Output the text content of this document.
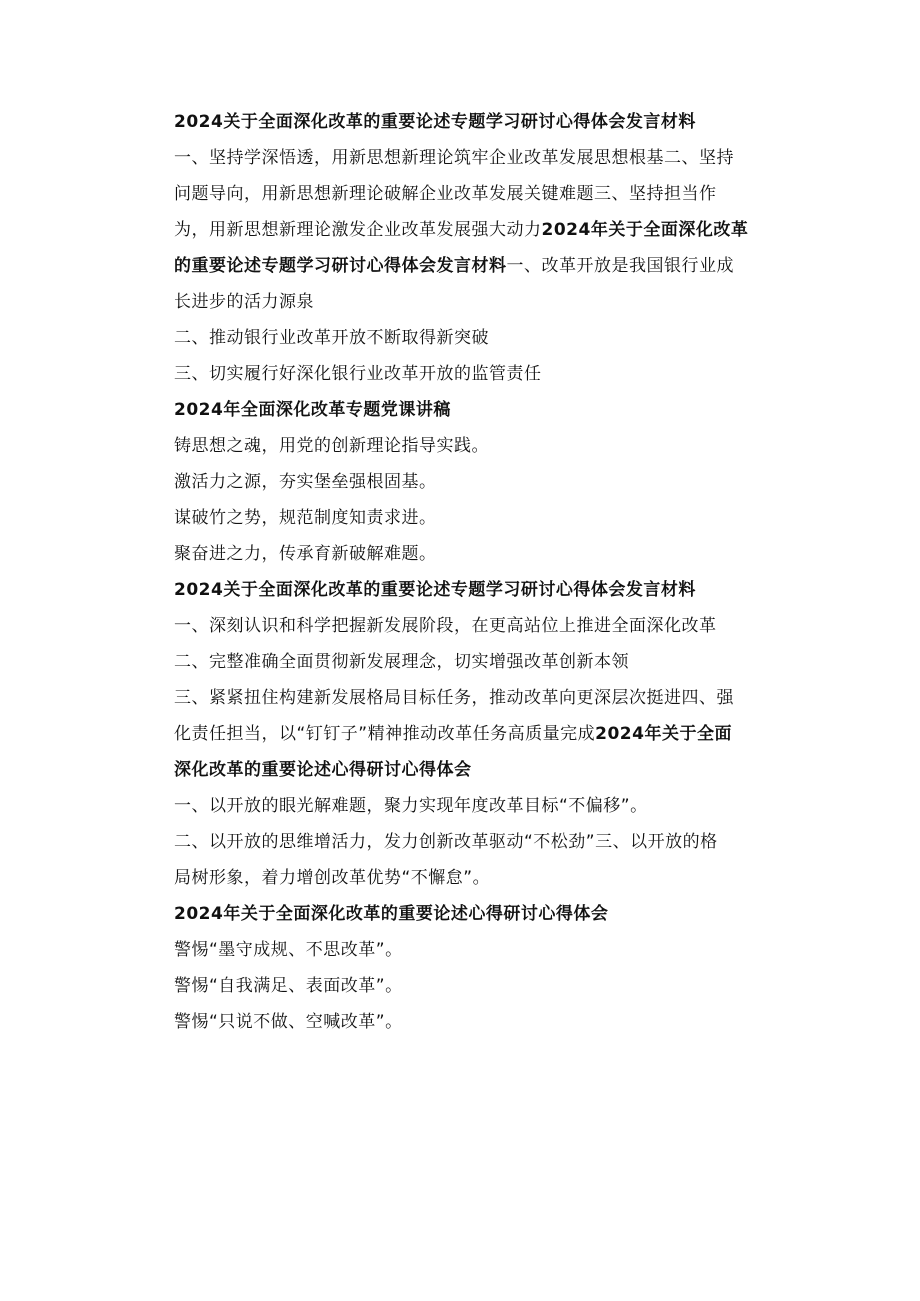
2024关于全面深化改革的重要论述专题学习研讨心得体会发言材料
一、坚持学深悟透，用新思想新理论筑牢企业改革发展思想根基二、坚持
问题导向，用新思想新理论破解企业改革发展关键难题三、坚持担当作
为，用新思想新理论激发企业改革发展强大动力2024年关于全面深化改革
的重要论述专题学习研讨心得体会发言材料一、改革开放是我国银行业成
长进步的活力源泉
二、推动银行业改革开放不断取得新突破
三、切实履行好深化银行业改革开放的监管责任
2024年全面深化改革专题党课讲稿
铸思想之魂，用党的创新理论指导实践。
激活力之源，夯实堡垒强根固基。
谋破竹之势，规范制度知责求进。
聚奋进之力，传承育新破解难题。
2024关于全面深化改革的重要论述专题学习研讨心得体会发言材料
一、深刻认识和科学把握新发展阶段，在更高站位上推进全面深化改革
二、完整准确全面贯彻新发展理念，切实增强改革创新本领
三、紧紧扭住构建新发展格局目标任务，推动改革向更深层次挺进四、强
化责任担当，以“钉钉子”精神推动改革任务高质量完成2024年关于全面
深化改革的重要论述心得研讨心得体会
一、以开放的眼光解难题，聚力实现年度改革目标“不偏移”。
二、以开放的思维增活力，发力创新改革驱动“不松劲”三、以开放的格
局树形象，着力增创改革优势“不懈怠”。
2024年关于全面深化改革的重要论述心得研讨心得体会
警惕“墨守成规、不思改革”。
警惕“自我满足、表面改革”。
警惕“只说不做、空喊改革”。
